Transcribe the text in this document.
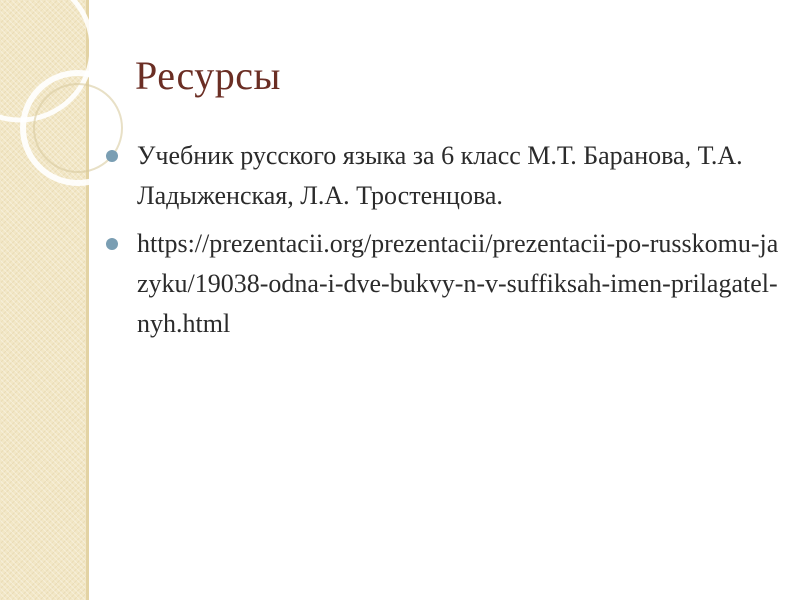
Ресурсы
Учебник русского языка за 6 класс М.Т. Баранова, Т.А. Ладыженская, Л.А. Тростенцова.
https://prezentacii.org/prezentacii/prezentacii-po-russkomu-jazyku/19038-odna-i-dve-bukvy-n-v-suffiksah-imen-prilagatel-nyh.html
